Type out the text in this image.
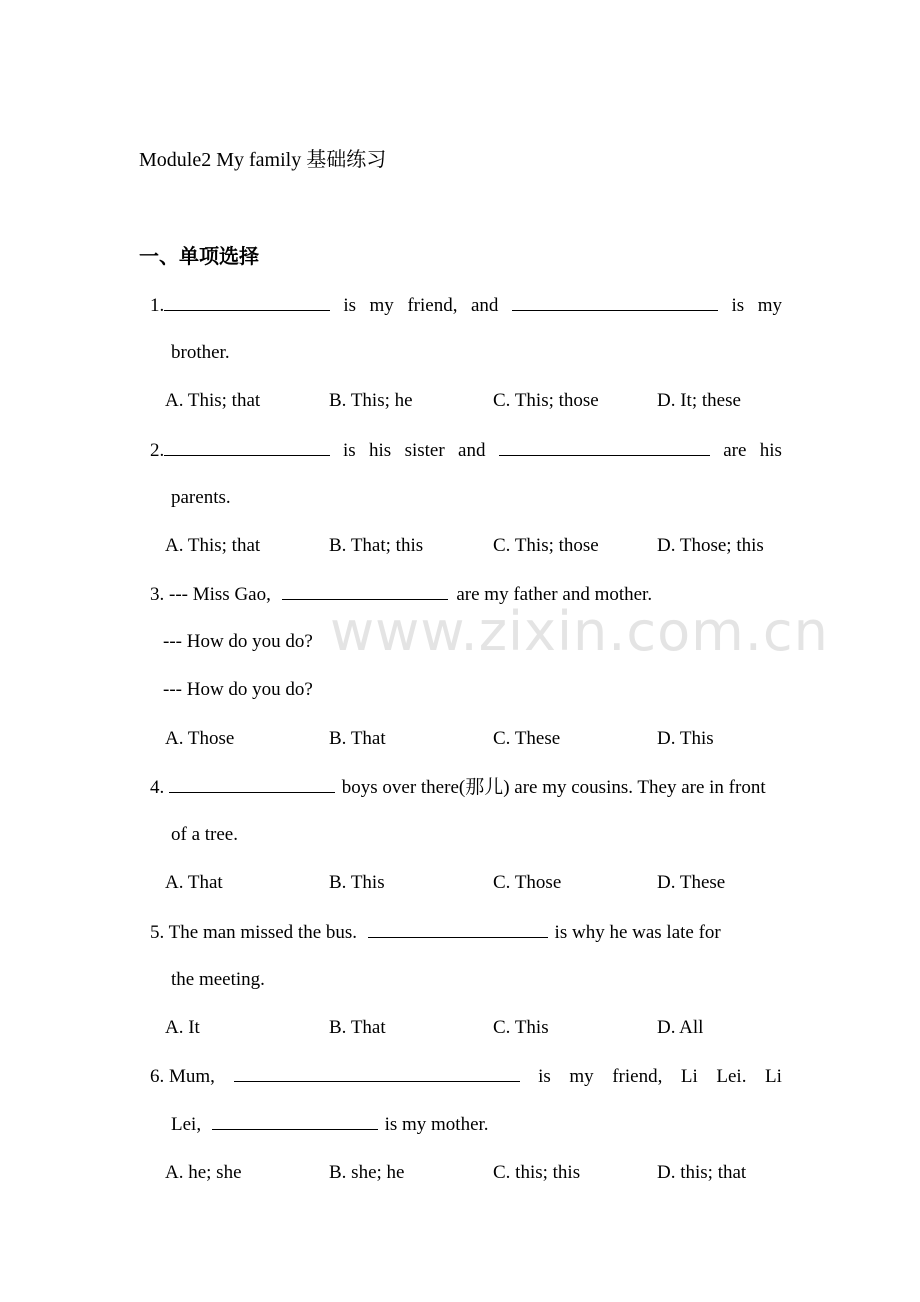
www.zixin.com.cn
Module2 My family 基础练习
一、单项选择
1.	is my friend, and	is my
brother.
A. This; that	B. This; he	C. This; those	D. It; these
2.	is his sister and	are his
parents.
A. This; that	B. That; this	C. This; those	D. Those; this
3. --- Miss Gao,	are my father and mother.
--- How do you do?
--- How do you do?
A. Those	B. That	C. These	D. This
4.	boys over there(那儿) are my cousins. They are in front
of a tree.
A. That	B. This	C. Those	D. These
5. The man missed the bus.	is why he was late for
the meeting.
A. It	B. That	C. This	D. All
6. Mum,	is my friend, Li Lei. Li
Lei,	is my mother.
A. he; she	B. she; he	C. this; this	D. this; that
